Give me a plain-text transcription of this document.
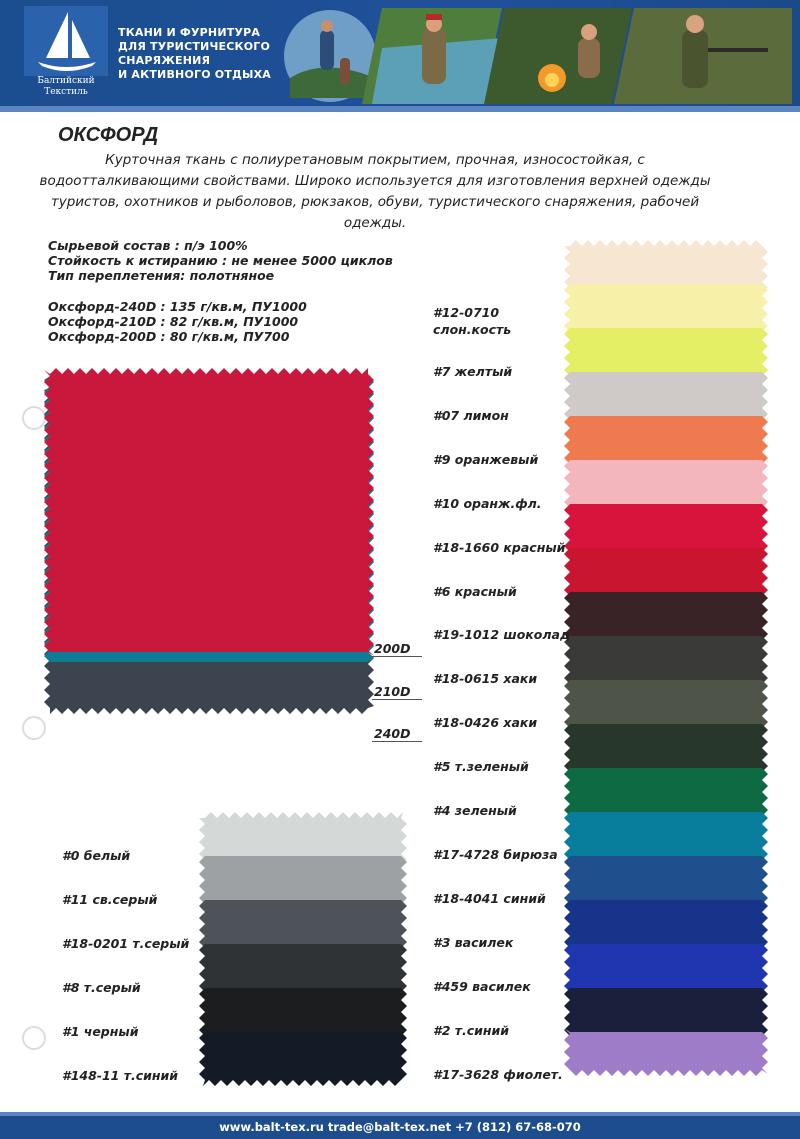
Балтийский
Текстиль
ТКАНИ И ФУРНИТУРА
ДЛЯ ТУРИСТИЧЕСКОГО
СНАРЯЖЕНИЯ
И АКТИВНОГО ОТДЫХА
ОКСФОРД
Курточная ткань с полиуретановым покрытием, прочная, износостойкая, с водоотталкивающими свойствами. Широко используется для изготовления верхней одежды туристов, охотников и рыболовов, рюкзаков, обуви, туристического снаряжения, рабочей одежды.
Сырьевой состав : п/э 100%
Стойкость к истиранию : не менее 5000 циклов
Тип переплетения: полотняное
Оксфорд-240D : 135 г/кв.м, ПУ1000
Оксфорд-210D : 82 г/кв.м, ПУ1000
Оксфорд-200D : 80 г/кв.м, ПУ700
200D
210D
240D
#12-0710
слон.кость
#7 желтый
#07 лимон
#9 оранжевый
#10 оранж.фл.
#18-1660 красный
#6 красный
#19-1012 шоколад
#18-0615 хаки
#18-0426 хаки
#5 т.зеленый
#4 зеленый
#17-4728 бирюза
#18-4041 синий
#3 василек
#459 василек
#2 т.синий
#17-3628 фиолет.
#0 белый
#11 св.серый
#18-0201 т.серый
#8 т.серый
#1 черный
#148-11 т.синий
www.balt-tex.ru trade@balt-tex.net +7 (812) 67-68-070
